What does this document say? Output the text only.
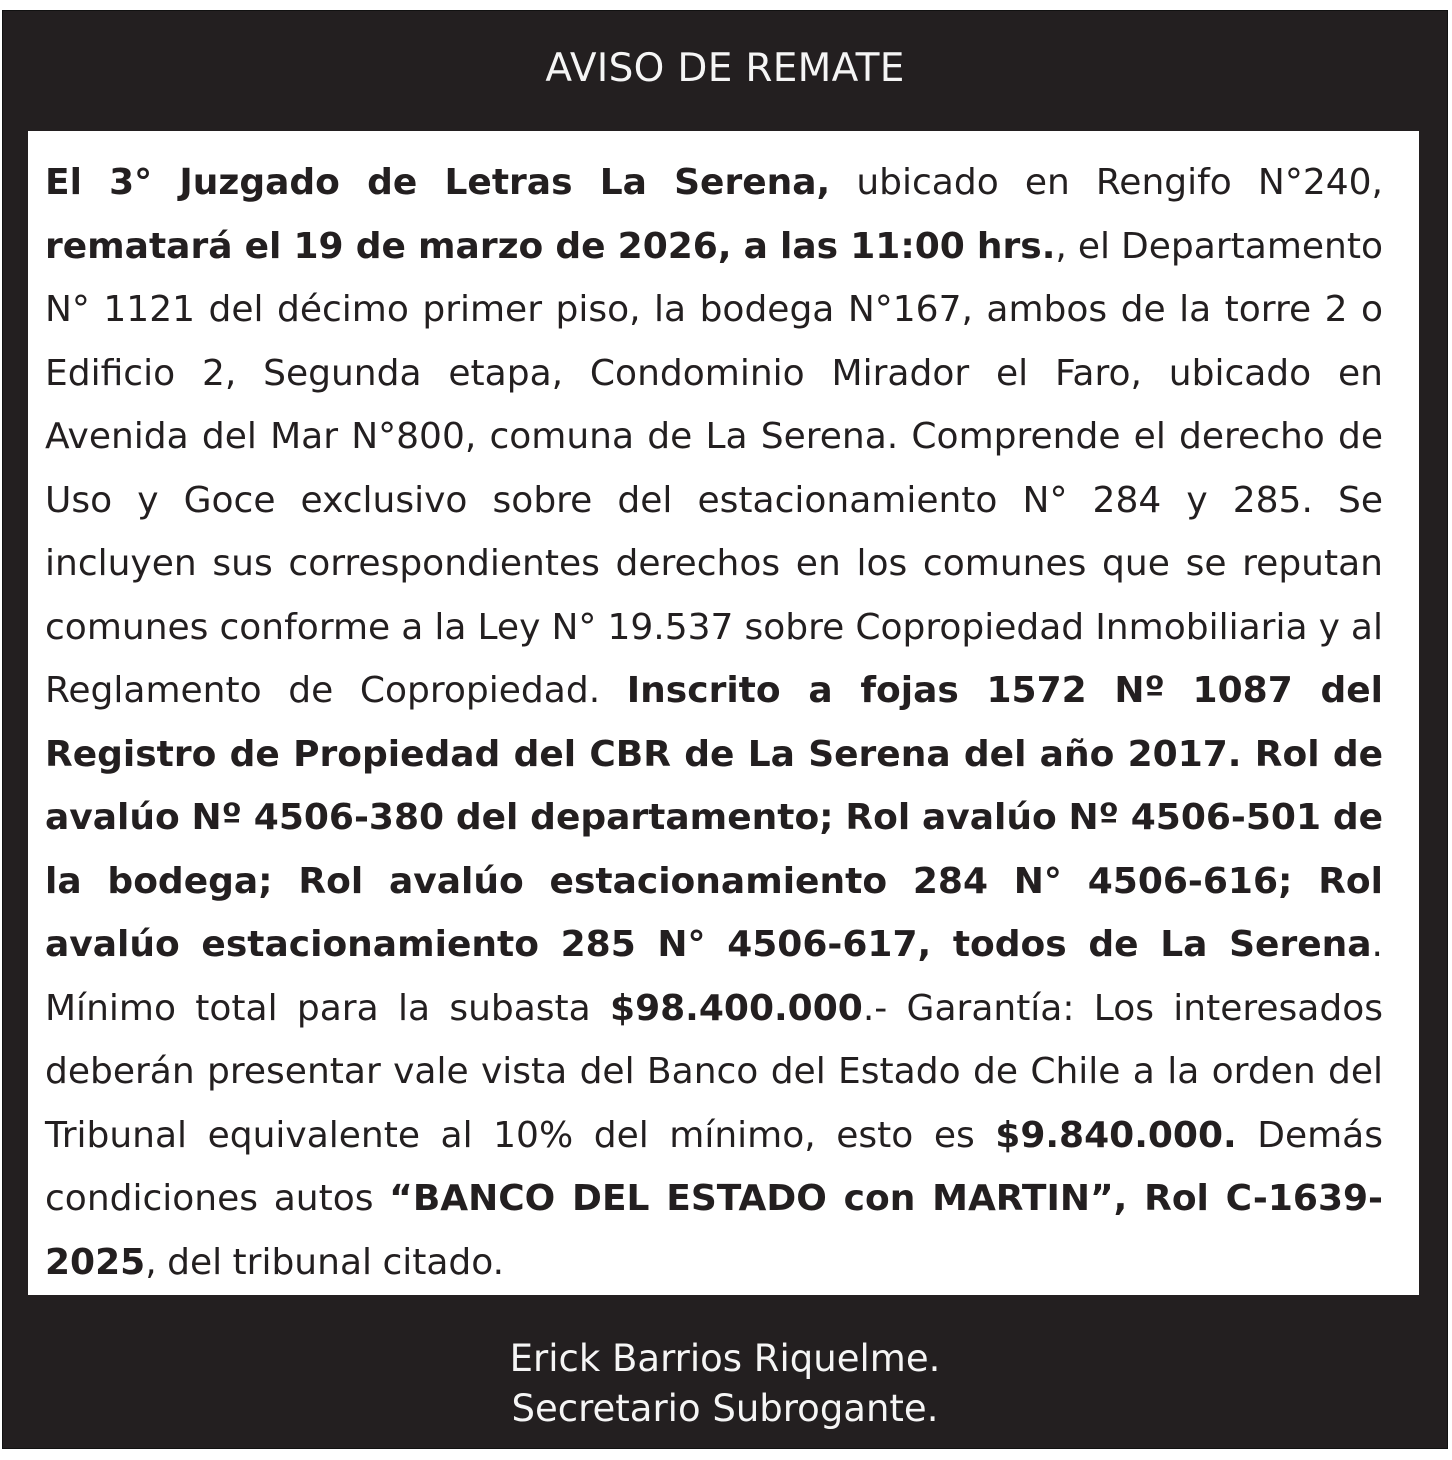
AVISO DE REMATE

El 3° Juzgado de Letras La Serena, ubicado en Rengifo N°240, rematará el 19 de marzo de 2026, a las 11:00 hrs., el Departamento N° 1121 del décimo primer piso, la bodega N°167, ambos de la torre 2 o Edificio 2, Segunda etapa, Condominio Mirador el Faro, ubicado en Avenida del Mar N°800, comuna de La Serena. Comprende el derecho de Uso y Goce exclusivo sobre del estacionamiento N° 284 y 285. Se incluyen sus correspondientes derechos en los comunes que se reputan comunes conforme a la Ley N° 19.537 sobre Copropiedad Inmobiliaria y al Reglamento de Copropiedad. Inscrito a fojas 1572 Nº 1087 del Registro de Propiedad del CBR de La Serena del año 2017. Rol de avalúo Nº 4506-380 del departamento; Rol avalúo Nº 4506-501 de la bodega; Rol avalúo estacionamiento 284 N° 4506-616; Rol avalúo estacionamiento 285 N° 4506-617, todos de La Serena. Mínimo total para la subasta $98.400.000.- Garantía: Los interesados deberán presentar vale vista del Banco del Estado de Chile a la orden del Tribunal equivalente al 10% del mínimo, esto es $9.840.000. Demás condiciones autos “BANCO DEL ESTADO con MARTIN”, Rol C-1639-2025, del tribunal citado.

Erick Barrios Riquelme.
Secretario Subrogante.
